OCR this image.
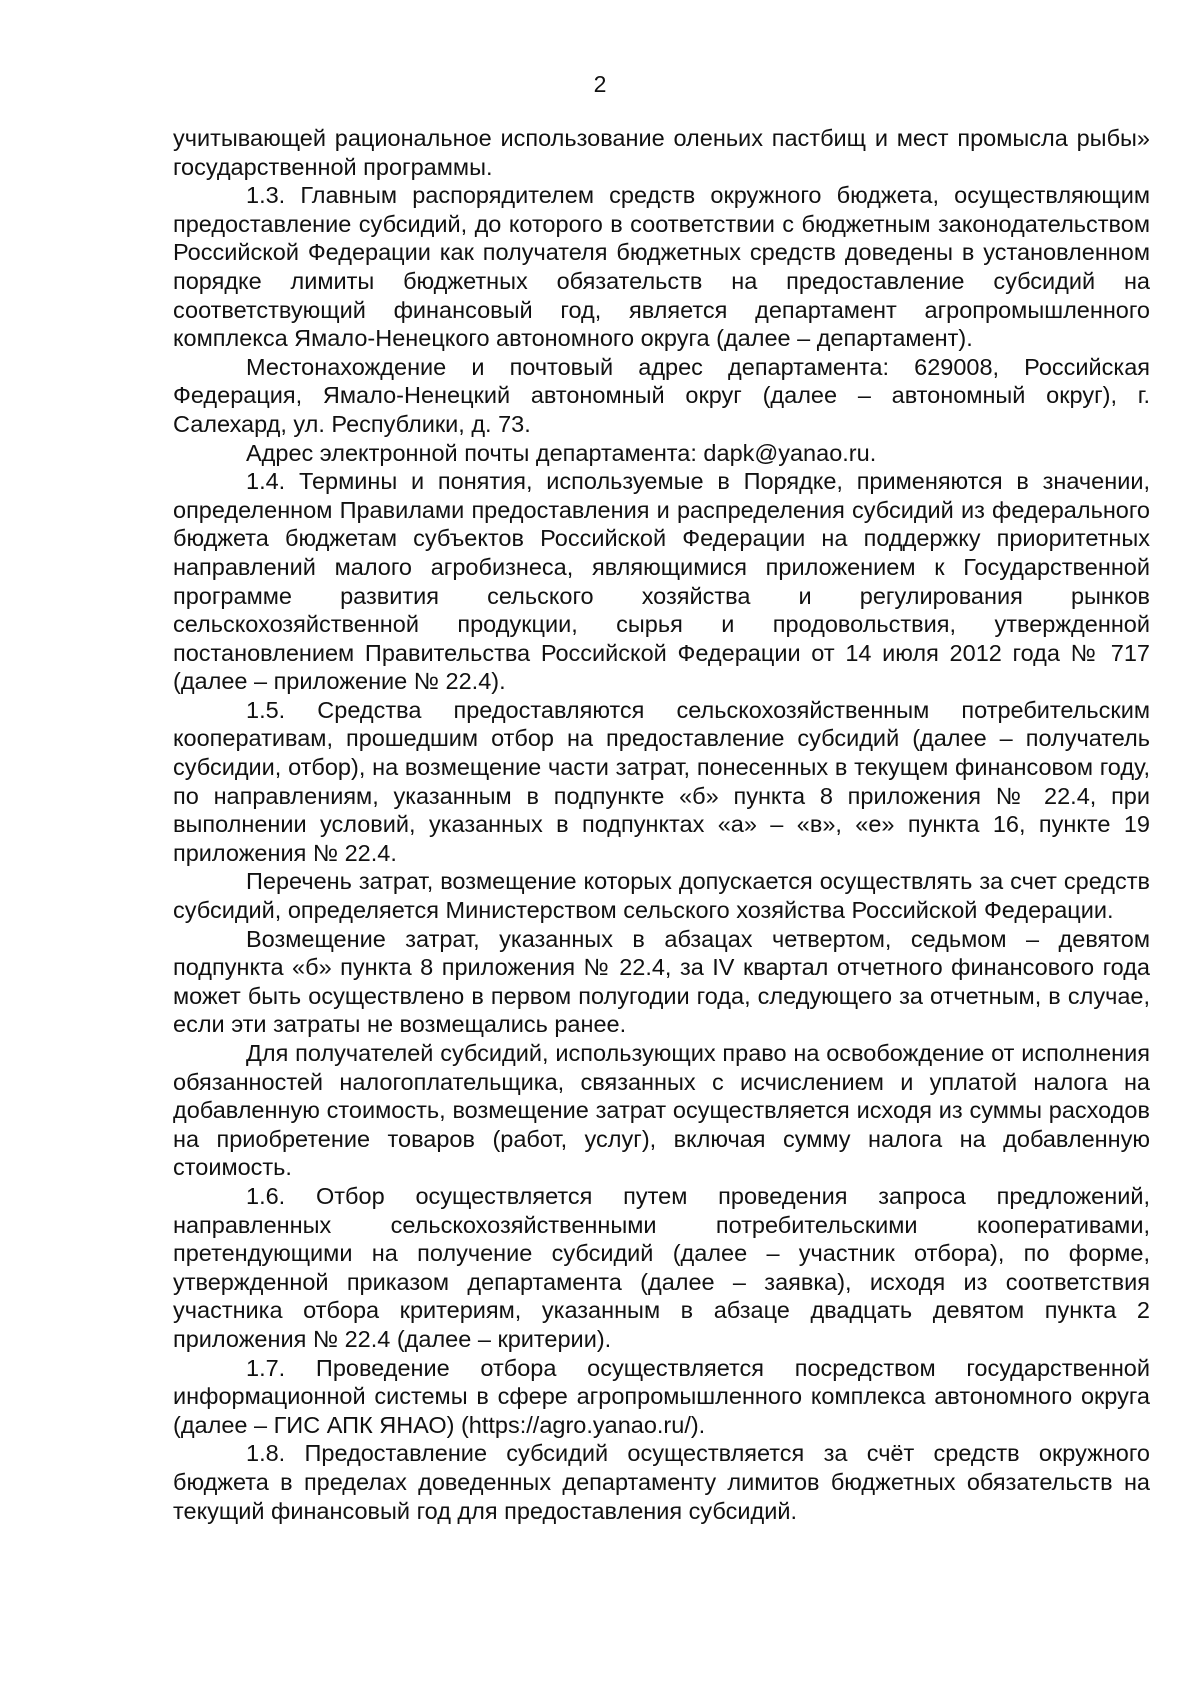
2

учитывающей рациональное использование оленьих пастбищ и мест промысла рыбы» государственной программы.

1.3. Главным распорядителем средств окружного бюджета, осуществляющим предоставление субсидий, до которого в соответствии с бюджетным законодательством Российской Федерации как получателя бюджетных средств доведены в установленном порядке лимиты бюджетных обязательств на предоставление субсидий на соответствующий финансовый год, является департамент агропромышленного комплекса Ямало-Ненецкого автономного округа (далее – департамент).

Местонахождение и почтовый адрес департамента: 629008, Российская Федерация, Ямало-Ненецкий автономный округ (далее – автономный округ), г. Салехард, ул. Республики, д. 73.

Адрес электронной почты департамента: dapk@yanao.ru.

1.4. Термины и понятия, используемые в Порядке, применяются в значении, определенном Правилами предоставления и распределения субсидий из федерального бюджета бюджетам субъектов Российской Федерации на поддержку приоритетных направлений малого агробизнеса, являющимися приложением к Государственной программе развития сельского хозяйства и регулирования рынков сельскохозяйственной продукции, сырья и продовольствия, утвержденной постановлением Правительства Российской Федерации от 14 июля 2012 года № 717 (далее – приложение № 22.4).

1.5. Средства предоставляются сельскохозяйственным потребительским кооперативам, прошедшим отбор на предоставление субсидий (далее – получатель субсидии, отбор), на возмещение части затрат, понесенных в текущем финансовом году, по направлениям, указанным в подпункте «б» пункта 8 приложения № 22.4, при выполнении условий, указанных в подпунктах «а» – «в», «е» пункта 16, пункте 19 приложения № 22.4.

Перечень затрат, возмещение которых допускается осуществлять за счет средств субсидий, определяется Министерством сельского хозяйства Российской Федерации.

Возмещение затрат, указанных в абзацах четвертом, седьмом – девятом подпункта «б» пункта 8 приложения № 22.4, за IV квартал отчетного финансового года может быть осуществлено в первом полугодии года, следующего за отчетным, в случае, если эти затраты не возмещались ранее.

Для получателей субсидий, использующих право на освобождение от исполнения обязанностей налогоплательщика, связанных с исчислением и уплатой налога на добавленную стоимость, возмещение затрат осуществляется исходя из суммы расходов на приобретение товаров (работ, услуг), включая сумму налога на добавленную стоимость.

1.6. Отбор осуществляется путем проведения запроса предложений, направленных сельскохозяйственными потребительскими кооперативами, претендующими на получение субсидий (далее – участник отбора), по форме, утвержденной приказом департамента (далее – заявка), исходя из соответствия участника отбора критериям, указанным в абзаце двадцать девятом пункта 2 приложения № 22.4 (далее – критерии).

1.7. Проведение отбора осуществляется посредством государственной информационной системы в сфере агропромышленного комплекса автономного округа (далее – ГИС АПК ЯНАО) (https://agro.yanao.ru/).

1.8. Предоставление субсидий осуществляется за счёт средств окружного бюджета в пределах доведенных департаменту лимитов бюджетных обязательств на текущий финансовый год для предоставления субсидий.
